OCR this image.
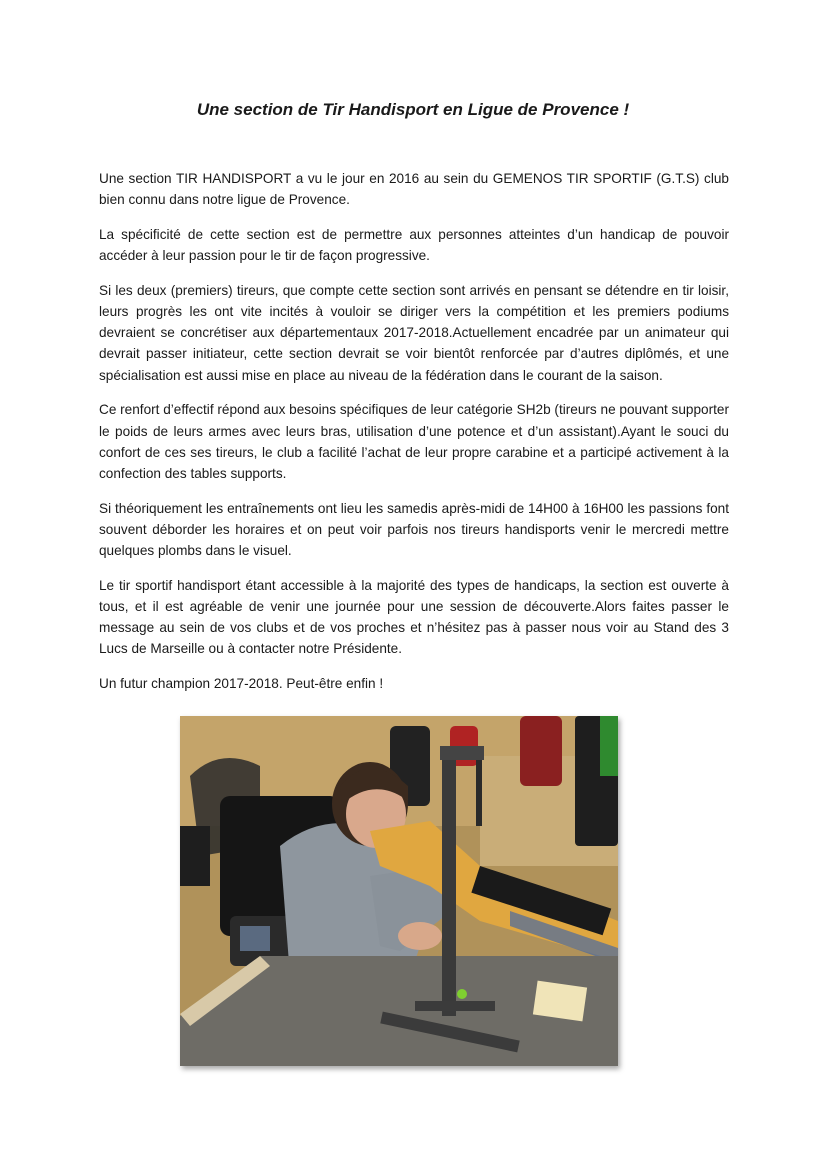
Une section de Tir Handisport en Ligue de Provence !

Une section TIR HANDISPORT a vu le jour en 2016 au sein du GEMENOS TIR SPORTIF (G.T.S) club bien connu dans notre ligue de Provence.

La spécificité de cette section est de permettre aux personnes atteintes d’un handicap de pouvoir accéder à leur passion pour le tir de façon progressive.

Si les deux (premiers) tireurs, que compte cette section sont arrivés en pensant se détendre en tir loisir, leurs progrès les ont vite incités à vouloir se diriger vers la compétition et les premiers podiums devraient se concrétiser aux départementaux 2017-2018.Actuellement encadrée par un animateur qui devrait passer initiateur, cette section devrait se voir bientôt renforcée par d’autres diplômés, et une spécialisation est aussi mise en place au niveau de la fédération dans le courant de la saison.

Ce renfort d’effectif répond aux besoins spécifiques de leur catégorie SH2b (tireurs ne pouvant supporter le poids de leurs armes avec leurs bras, utilisation d’une potence et d’un assistant).Ayant le souci du confort de ces ses tireurs, le club a facilité l’achat de leur propre carabine et a participé activement à la confection des tables supports.

Si théoriquement les entraînements ont lieu les samedis après-midi de 14H00 à 16H00 les passions font souvent déborder les horaires et on peut voir parfois nos tireurs handisports venir le mercredi mettre quelques plombs dans le visuel.

Le tir sportif handisport étant accessible à la majorité des types de handicaps, la section est ouverte à tous, et il est agréable de venir une journée pour une session de découverte.Alors faites passer le message au sein de vos clubs et de vos proches et n’hésitez pas à passer nous voir au Stand des 3 Lucs de Marseille ou à contacter notre Présidente.

Un futur champion 2017-2018. Peut-être enfin !
